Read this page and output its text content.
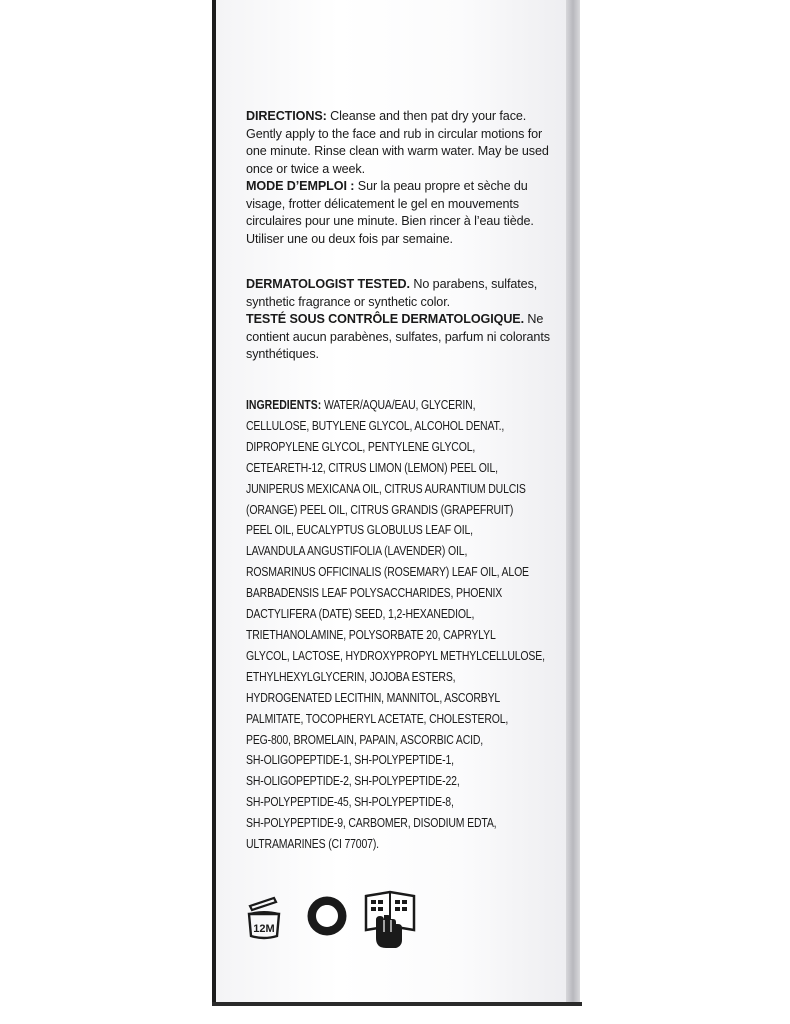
DIRECTIONS: Cleanse and then pat dry your face. Gently apply to the face and rub in circular motions for one minute. Rinse clean with warm water. May be used once or twice a week.
MODE D’EMPLOI : Sur la peau propre et sèche du visage, frotter délicatement le gel en mouvements circulaires pour une minute. Bien rincer à l’eau tiède. Utiliser une ou deux fois par semaine.
DERMATOLOGIST TESTED. No parabens, sulfates, synthetic fragrance or synthetic color.
TESTÉ SOUS CONTRÔLE DERMATOLOGIQUE. Ne contient aucun parabènes, sulfates, parfum ni colorants synthétiques.
INGREDIENTS: WATER/AQUA/EAU, GLYCERIN,
CELLULOSE, BUTYLENE GLYCOL, ALCOHOL DENAT.,
DIPROPYLENE GLYCOL, PENTYLENE GLYCOL,
CETEARETH-12, CITRUS LIMON (LEMON) PEEL OIL,
JUNIPERUS MEXICANA OIL, CITRUS AURANTIUM DULCIS
(ORANGE) PEEL OIL, CITRUS GRANDIS (GRAPEFRUIT)
PEEL OIL, EUCALYPTUS GLOBULUS LEAF OIL,
LAVANDULA ANGUSTIFOLIA (LAVENDER) OIL,
ROSMARINUS OFFICINALIS (ROSEMARY) LEAF OIL, ALOE
BARBADENSIS LEAF POLYSACCHARIDES, PHOENIX
DACTYLIFERA (DATE) SEED, 1,2-HEXANEDIOL,
TRIETHANOLAMINE, POLYSORBATE 20, CAPRYLYL
GLYCOL, LACTOSE, HYDROXYPROPYL METHYLCELLULOSE,
ETHYLHEXYLGLYCERIN, JOJOBA ESTERS,
HYDROGENATED LECITHIN, MANNITOL, ASCORBYL
PALMITATE, TOCOPHERYL ACETATE, CHOLESTEROL,
PEG-800, BROMELAIN, PAPAIN, ASCORBIC ACID,
SH-OLIGOPEPTIDE-1, SH-POLYPEPTIDE-1,
SH-OLIGOPEPTIDE-2, SH-POLYPEPTIDE-22,
SH-POLYPEPTIDE-45, SH-POLYPEPTIDE-8,
SH-POLYPEPTIDE-9, CARBOMER, DISODIUM EDTA,
ULTRAMARINES (CI 77007).
12M
